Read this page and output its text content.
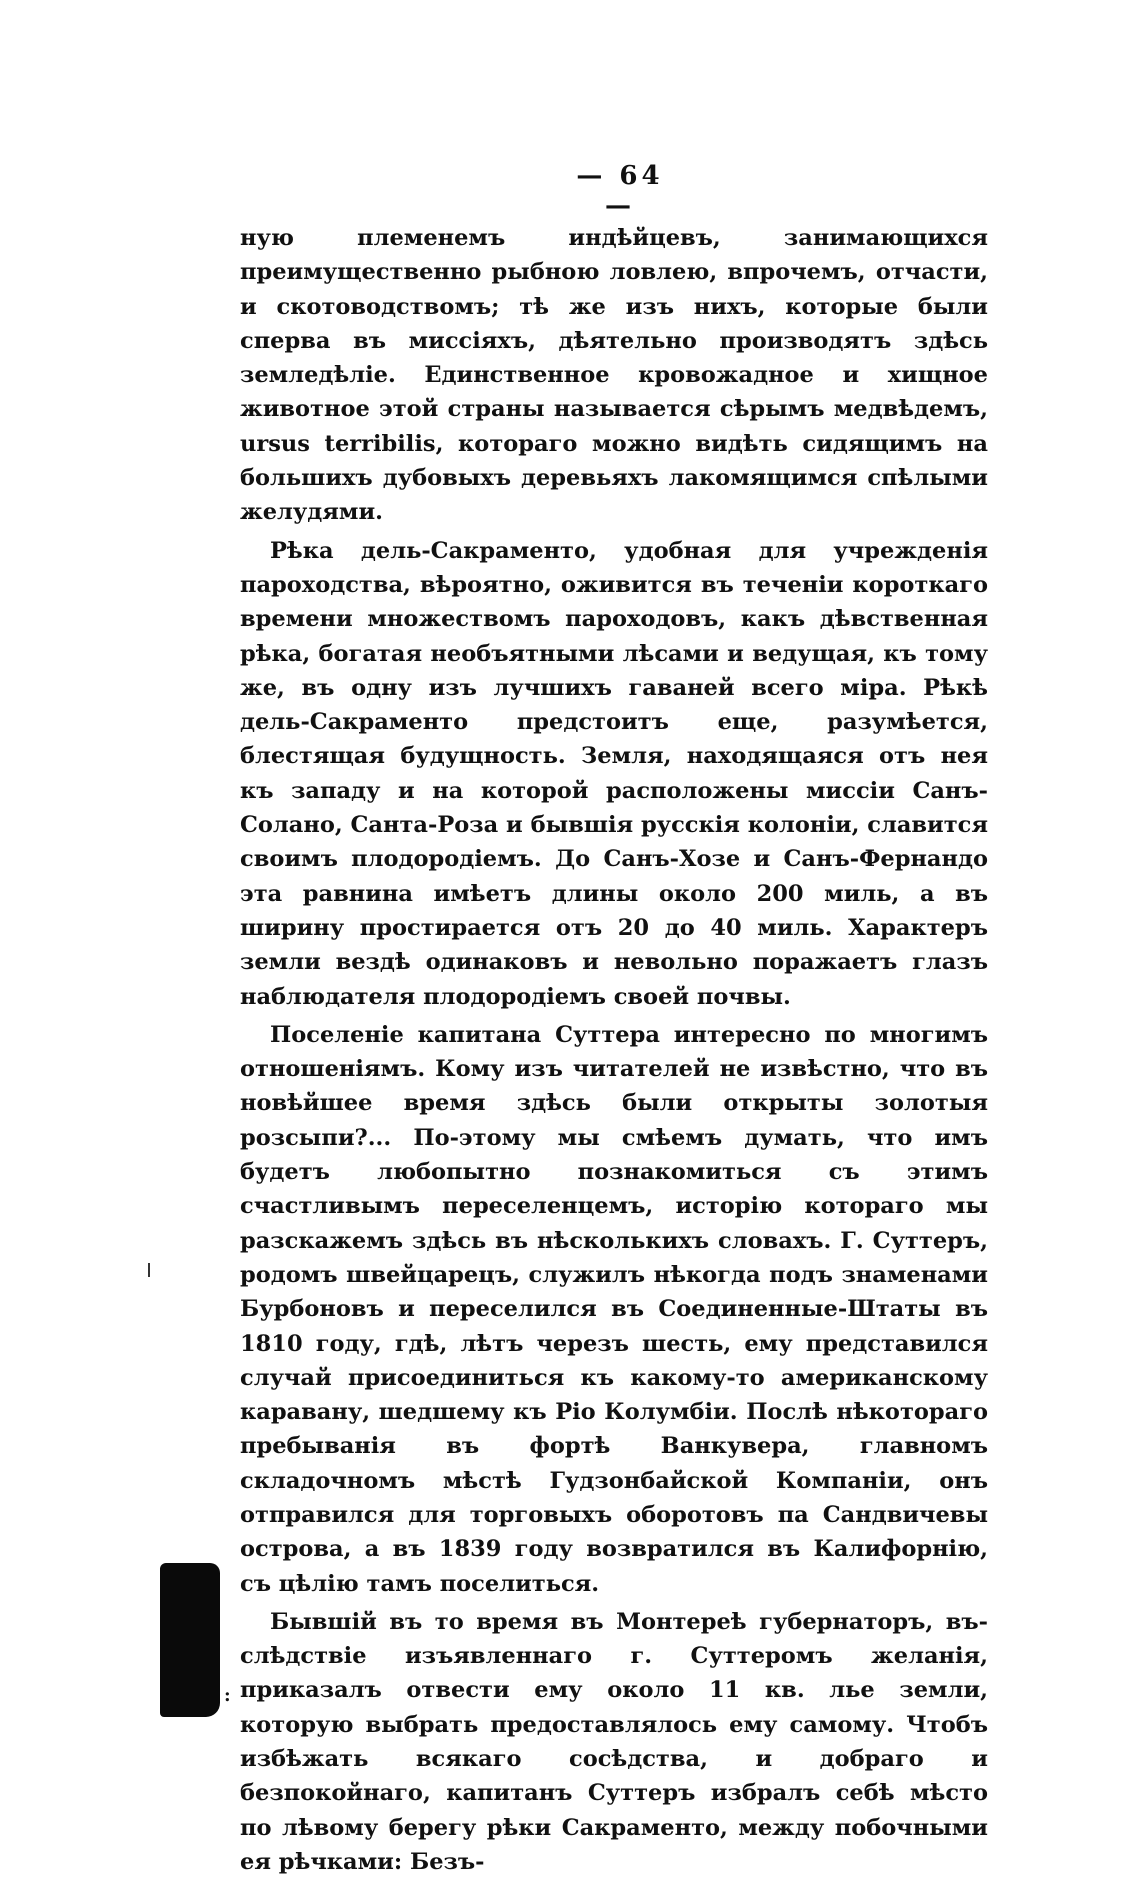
— 64 —

ную племенемъ индѣйцевъ, занимающихся преимущественно рыбною ловлею, впрочемъ, отчасти, и скотоводствомъ; тѣ же изъ нихъ, которые были сперва въ миссіяхъ, дѣятельно производятъ здѣсь земледѣліе. Единственное кровожадное и хищное животное этой страны называется сѣрымъ медвѣдемъ, ursus terribilis, котораго можно видѣть сидящимъ на большихъ дубовыхъ деревьяхъ лакомящимся спѣлыми желудями.

Рѣка дель-Сакраменто, удобная для учрежденія пароходства, вѣроятно, оживится въ теченіи короткаго времени множествомъ пароходовъ, какъ дѣвственная рѣка, богатая необъятными лѣсами и ведущая, къ тому же, въ одну изъ лучшихъ гаваней всего міра. Рѣкѣ дель-Сакраменто предстоитъ еще, разумѣется, блестящая будущность. Земля, находящаяся отъ нея къ западу и на которой расположены миссіи Санъ-Солано, Санта-Роза и бывшія русскія колоніи, славится своимъ плодородіемъ. До Санъ-Хозе и Санъ-Фернандо эта равнина имѣетъ длины около 200 миль, а въ ширину простирается отъ 20 до 40 миль. Характеръ земли вездѣ одинаковъ и невольно поражаетъ глазъ наблюдателя плодородіемъ своей почвы.

Поселеніе капитана Суттера интересно по многимъ отношеніямъ. Кому изъ читателей не извѣстно, что въ новѣйшее время здѣсь были открыты золотыя розсыпи?... По-этому мы смѣемъ думать, что имъ будетъ любопытно познакомиться съ этимъ счастливымъ переселенцемъ, исторію котораго мы разскажемъ здѣсь въ нѣсколькихъ словахъ. Г. Суттеръ, родомъ швейцарецъ, служилъ нѣкогда подъ знаменами Бурбоновъ и переселился въ Соединенные-Штаты въ 1810 году, гдѣ, лѣтъ черезъ шесть, ему представился случай присоединиться къ какому-то американскому каравану, шедшему къ Ріо Колумбіи. Послѣ нѣкотораго пребыванія въ фортѣ Ванкувера, главномъ складочномъ мѣстѣ Гудзонбайской Компаніи, онъ отправился для торговыхъ оборотовъ па Сандвичевы острова, а въ 1839 году возвратился въ Калифорнію, съ цѣлію тамъ поселиться.

Бывшій въ то время въ Монтереѣ губернаторъ, въ-слѣдствіе изъявленнаго г. Суттеромъ желанія, приказалъ отвести ему около 11 кв. лье земли, которую выбрать предоставлялось ему самому. Чтобъ избѣжать всякаго сосѣдства, и добраго и безпокойнаго, капитанъ Суттеръ избралъ себѣ мѣсто по лѣвому берегу рѣки Сакраменто, между побочными ея рѣчками: Безъ-

:
